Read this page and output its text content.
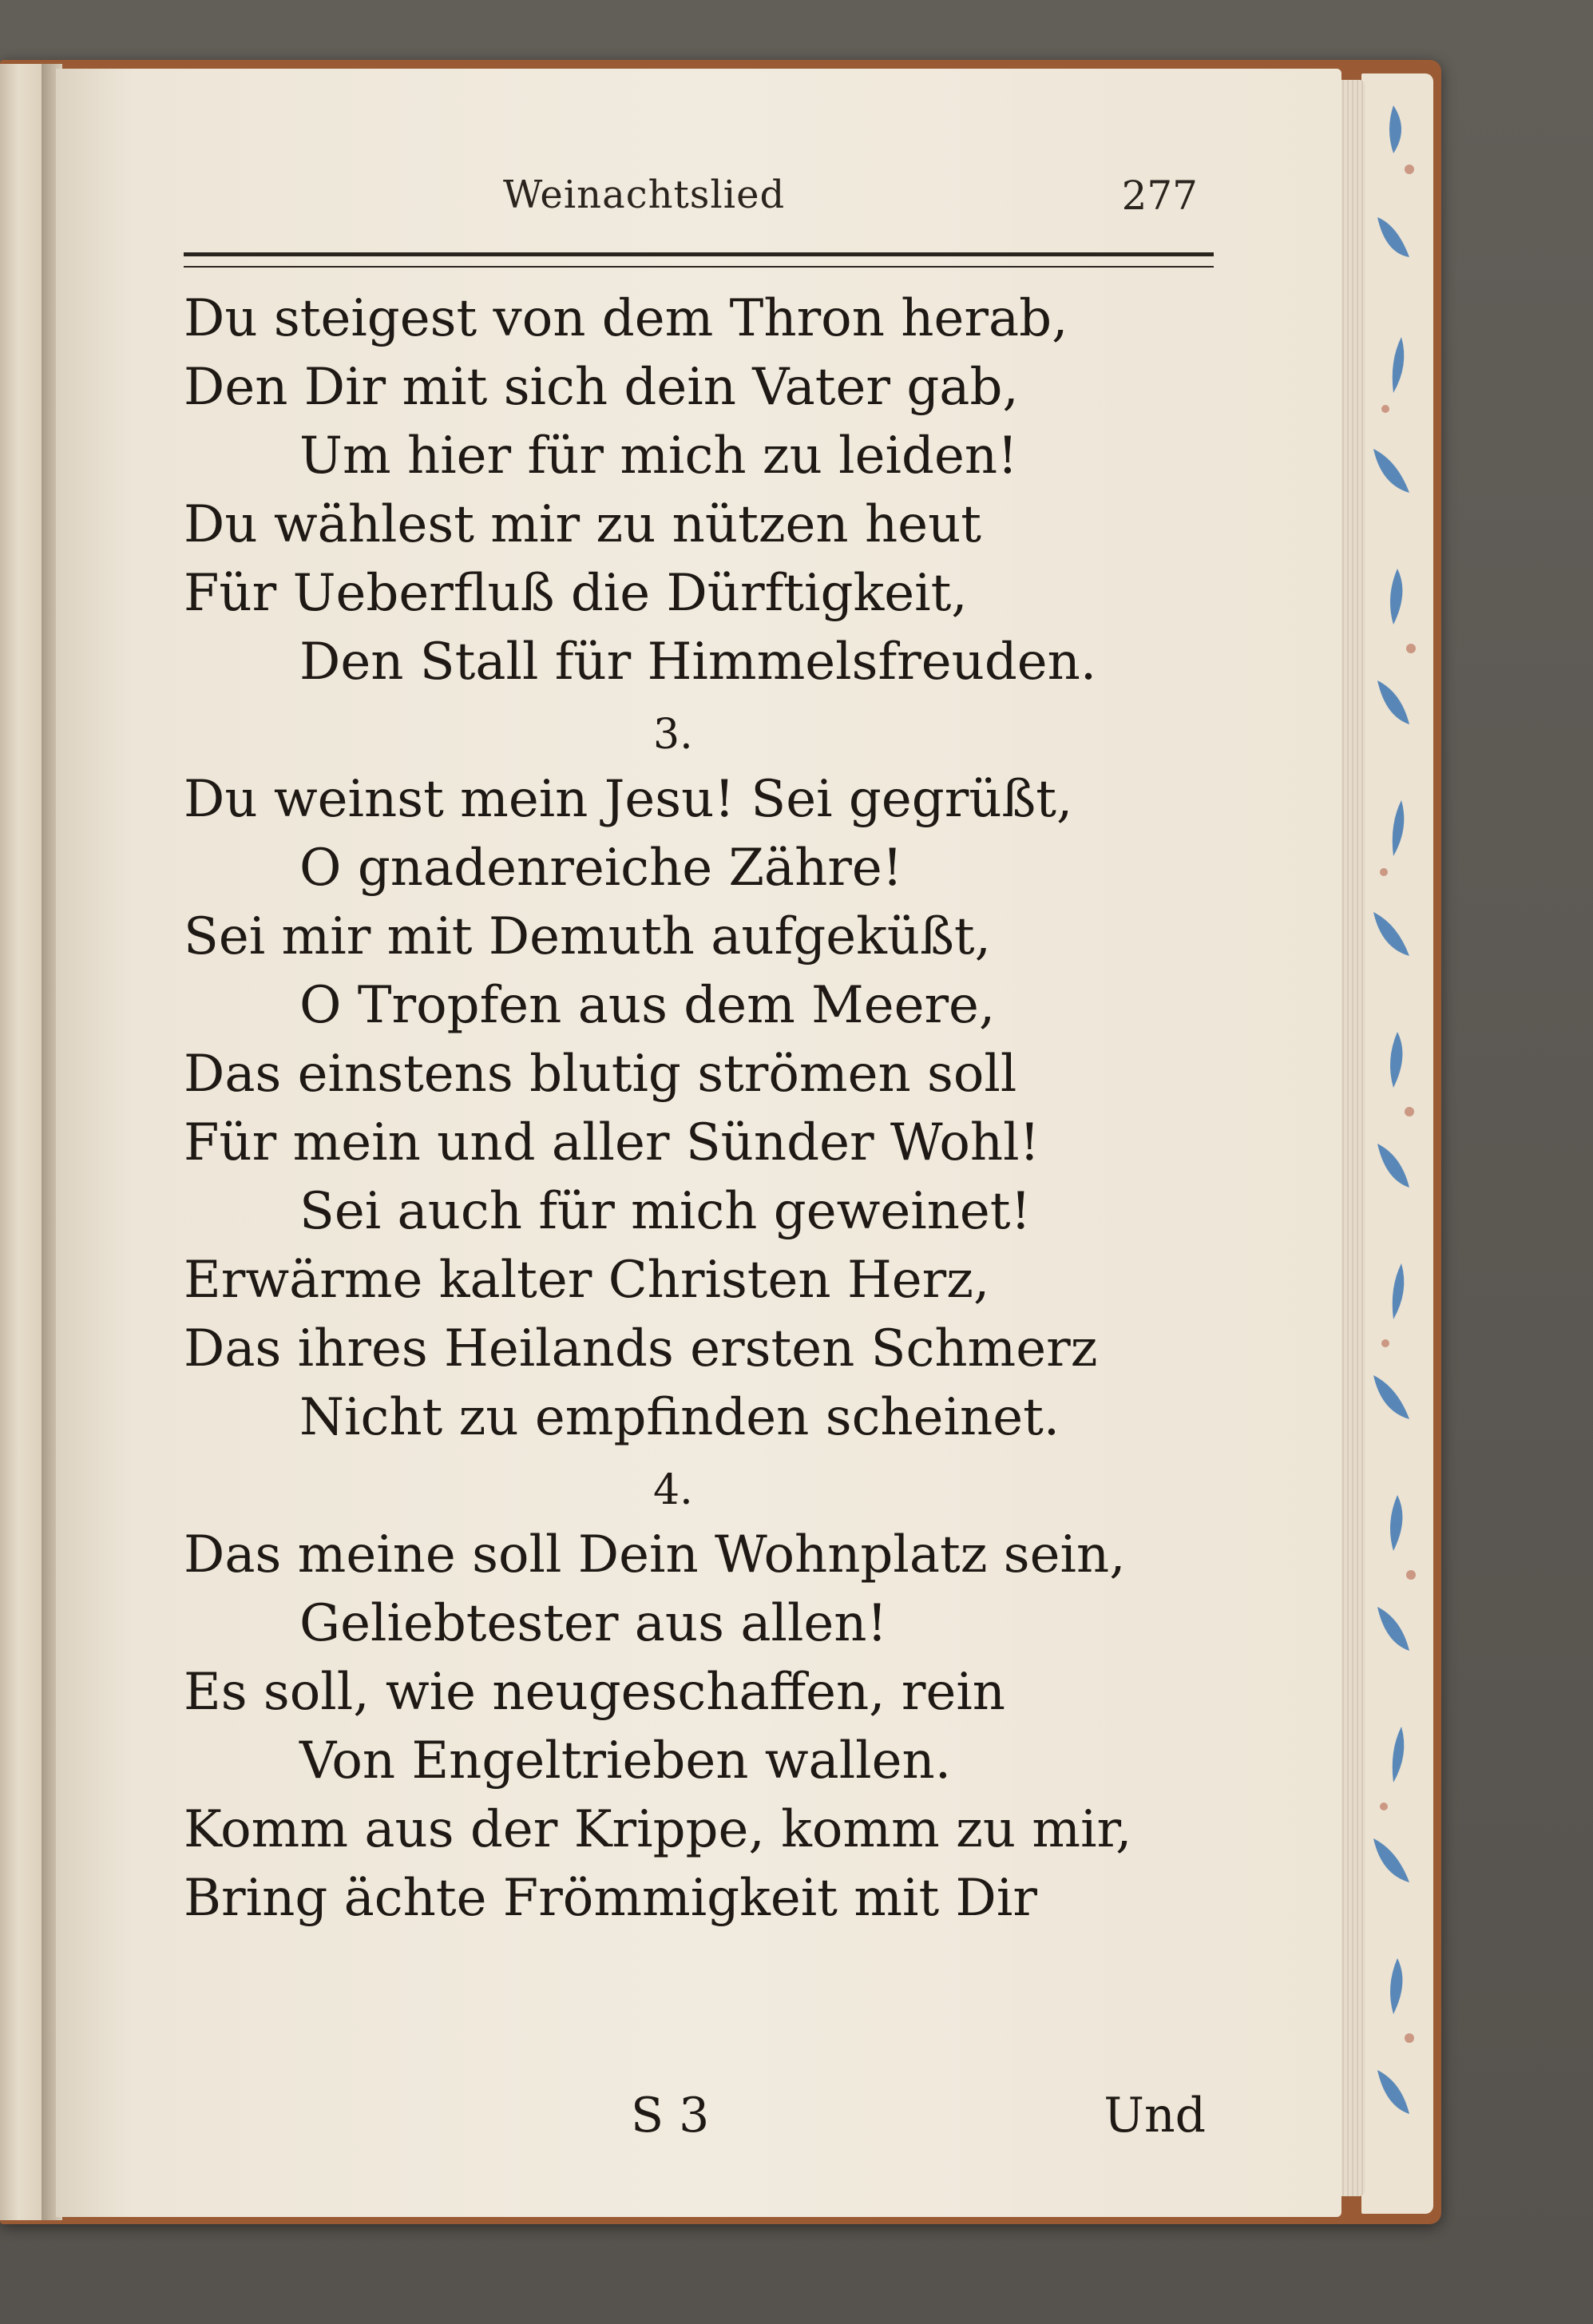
Weinachtslied	277
Du steigest von dem Thron herab,
Den Dir mit sich dein Vater gab,
Um hier für mich zu leiden!
Du wählest mir zu nützen heut
Für Ueberfluß die Dürftigkeit,
Den Stall für Himmelsfreuden.
3.
Du weinst mein Jesu! Sei gegrüßt,
O gnadenreiche Zähre!
Sei mir mit Demuth aufgeküßt,
O Tropfen aus dem Meere,
Das einstens blutig strömen soll
Für mein und aller Sünder Wohl!
Sei auch für mich geweinet!
Erwärme kalter Christen Herz,
Das ihres Heilands ersten Schmerz
Nicht zu empfinden scheinet.
4.
Das meine soll Dein Wohnplatz sein,
Geliebtester aus allen!
Es soll, wie neugeschaffen, rein
Von Engeltrieben wallen.
Komm aus der Krippe, komm zu mir,
Bring ächte Frömmigkeit mit Dir
S 3	Und
